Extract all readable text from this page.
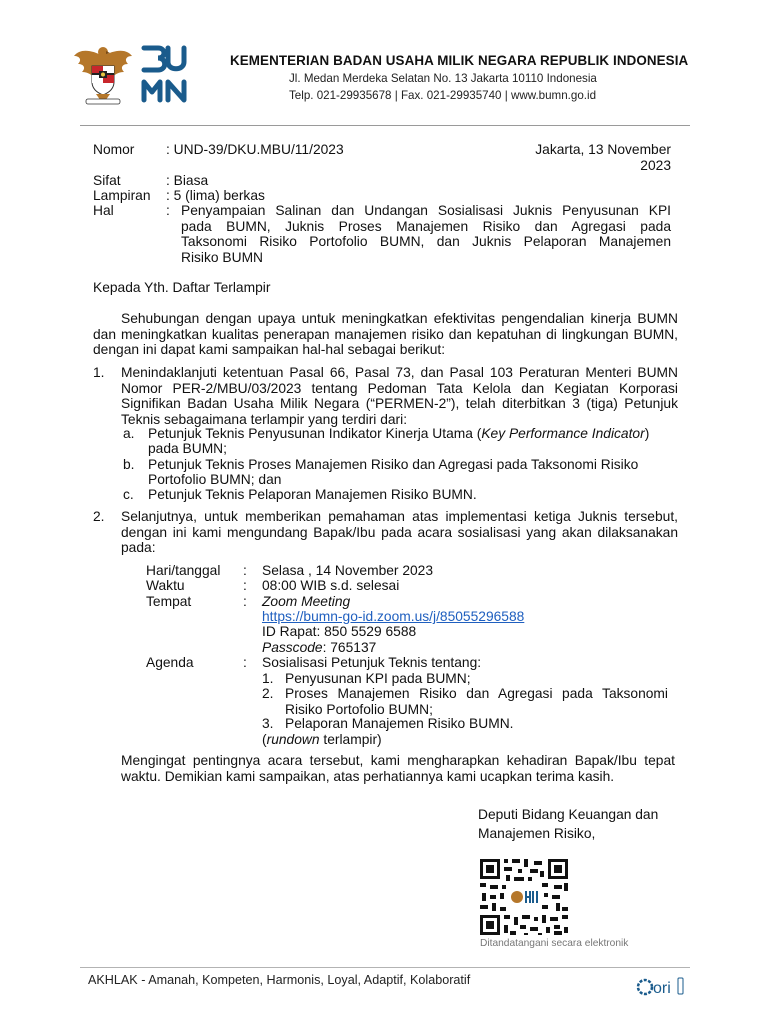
KEMENTERIAN BADAN USAHA MILIK NEGARA REPUBLIK INDONESIA
Jl. Medan Merdeka Selatan No. 13 Jakarta 10110 Indonesia
Telp. 021-29935678 | Fax. 021-29935740 | www.bumn.go.id
Nomor : UND-39/DKU.MBU/11/2023	Jakarta, 13 November
2023
Sifat	: Biasa
Lampiran : 5 (lima) berkas
Hal	: Penyampaian Salinan dan Undangan Sosialisasi Juknis Penyusunan KPI
pada BUMN, Juknis Proses Manajemen Risiko dan Agregasi pada
Taksonomi Risiko Portofolio BUMN, dan Juknis Pelaporan Manajemen
Risiko BUMN
Kepada Yth. Daftar Terlampir
Sehubungan dengan upaya untuk meningkatkan efektivitas pengendalian kinerja BUMN
dan meningkatkan kualitas penerapan manajemen risiko dan kepatuhan di lingkungan BUMN,
dengan ini dapat kami sampaikan hal-hal sebagai berikut:
1. Menindaklanjuti ketentuan Pasal 66, Pasal 73, dan Pasal 103 Peraturan Menteri BUMN
Nomor PER-2/MBU/03/2023 tentang Pedoman Tata Kelola dan Kegiatan Korporasi
Signifikan Badan Usaha Milik Negara (“PERMEN-2”), telah diterbitkan 3 (tiga) Petunjuk
Teknis sebagaimana terlampir yang terdiri dari:
a. Petunjuk Teknis Penyusunan Indikator Kinerja Utama (Key Performance Indicator)
pada BUMN;
b. Petunjuk Teknis Proses Manajemen Risiko dan Agregasi pada Taksonomi Risiko
Portofolio BUMN; dan
c. Petunjuk Teknis Pelaporan Manajemen Risiko BUMN.
2. Selanjutnya, untuk memberikan pemahaman atas implementasi ketiga Juknis tersebut,
dengan ini kami mengundang Bapak/Ibu pada acara sosialisasi yang akan dilaksanakan
pada:
Hari/tanggal : Selasa , 14 November 2023
Waktu	: 08:00 WIB s.d. selesai
Tempat	: Zoom Meeting
https://bumn-go-id.zoom.us/j/85055296588
ID Rapat: 850 5529 6588
Passcode: 765137
Agenda	: Sosialisasi Petunjuk Teknis tentang:
1. Penyusunan KPI pada BUMN;
2. Proses Manajemen Risiko dan Agregasi pada Taksonomi
Risiko Portofolio BUMN;
3. Pelaporan Manajemen Risiko BUMN.
(rundown terlampir)
Mengingat pentingnya acara tersebut, kami mengharapkan kehadiran Bapak/Ibu tepat
waktu. Demikian kami sampaikan, atas perhatiannya kami ucapkan terima kasih.
Deputi Bidang Keuangan dan
Manajemen Risiko,
Ditandatangani secara elektronik
AKHLAK - Amanah, Kompeten, Harmonis, Loyal, Adaptif, Kolaboratif	ori
